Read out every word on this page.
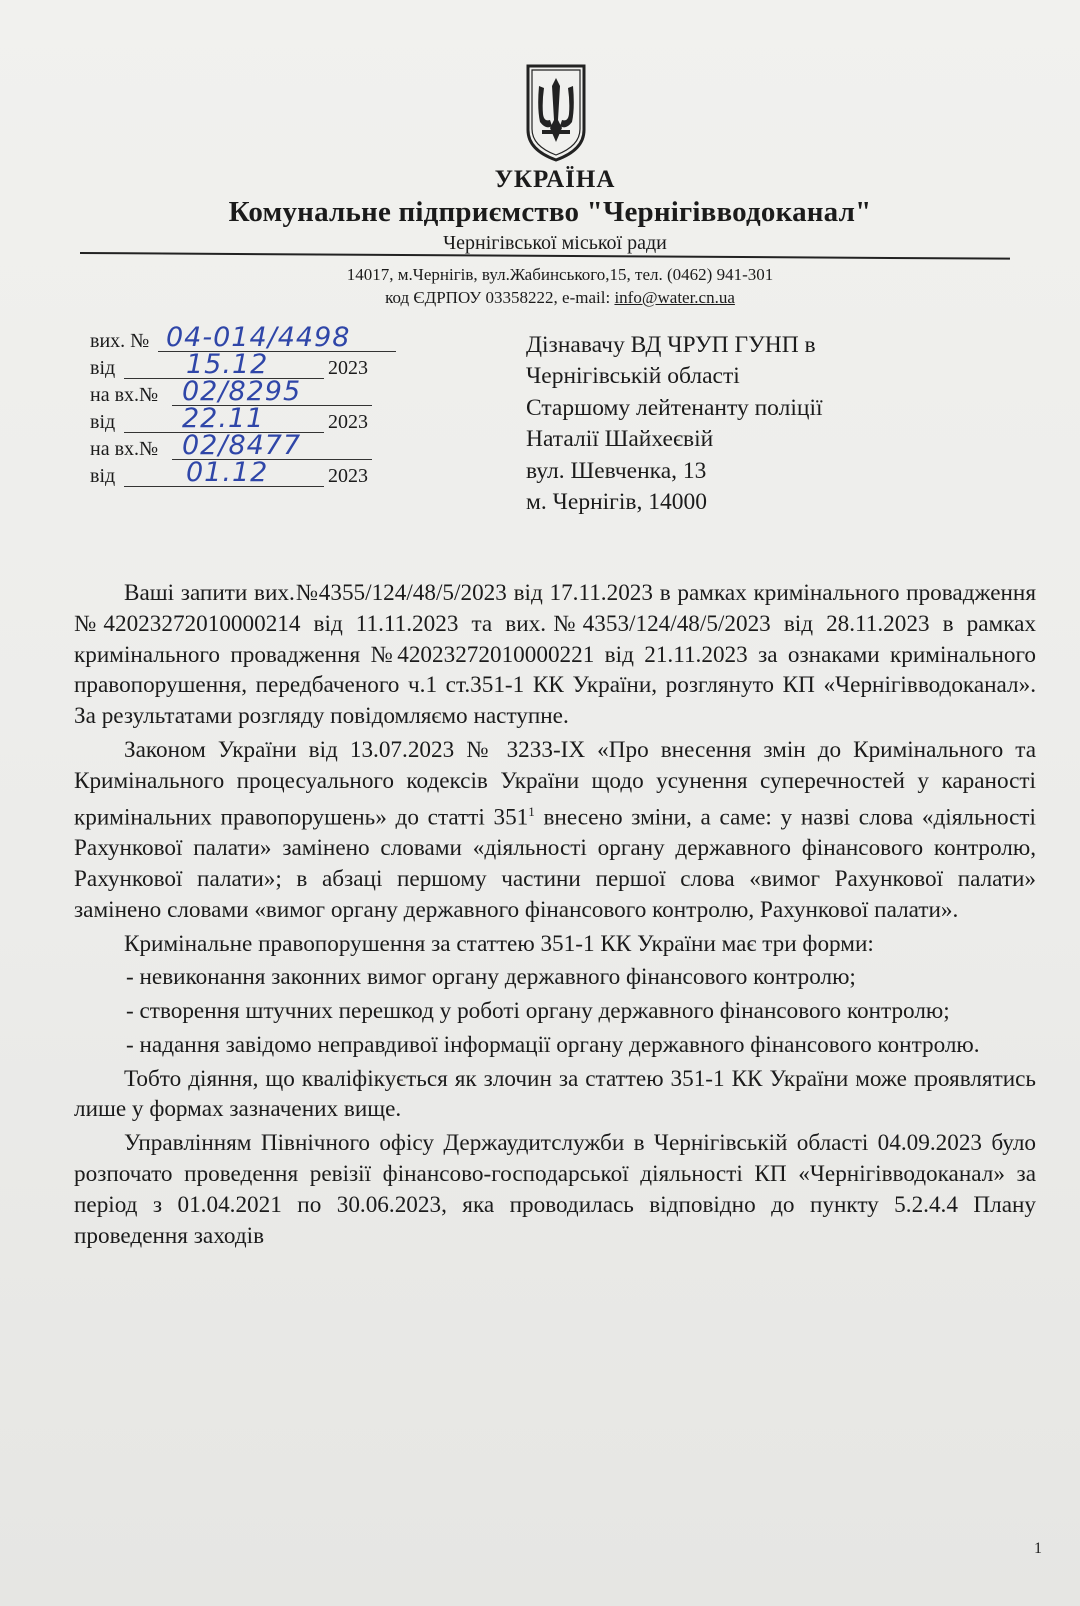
УКРАЇНА
Комунальне підприємство "Чернігівводоканал"
Чернігівської міської ради
14017, м.Чернігів, вул.Жабинського,15, тел. (0462) 941-301
код ЄДРПОУ 03358222, e-mail: info@water.cn.ua
вих. № 04-014/4498
від	15.12	2023
на вх.№ 02/8295
від 22.11	2023
на вх.№ 02/8477
від	01.12	2023
Дізнавачу ВД ЧРУП ГУНП в
Чернігівській області
Старшому лейтенанту поліції
Наталії Шайхеєвій
вул. Шевченка, 13
м. Чернігів, 14000

Ваші запити вих.№4355/124/48/5/2023 від 17.11.2023 в рамках кримінального провадження №42023272010000214 від 11.11.2023 та вих.№4353/124/48/5/2023 від 28.11.2023 в рамках кримінального провадження №42023272010000221 від 21.11.2023 за ознаками кримінального правопорушення, передбаченого ч.1 ст.351-1 КК України, розглянуто КП «Чернігівводоканал». За результатами розгляду повідомляємо наступне.

Законом України від 13.07.2023 № 3233-IX «Про внесення змін до Кримінального та Кримінального процесуального кодексів України щодо усунення суперечностей у караності кримінальних правопорушень» до статті $351^1$ внесено зміни, а саме: у назві слова «діяльності Рахункової палати» замінено словами «діяльності органу державного фінансового контролю, Рахункової палати»; в абзаці першому частини першої слова «вимог Рахункової палати» замінено словами «вимог органу державного фінансового контролю, Рахункової палати».

Кримінальне правопорушення за статтею 351-1 КК України має три форми:

- невиконання законних вимог органу державного фінансового контролю;

- створення штучних перешкод у роботі органу державного фінансового контролю;

- надання завідомо неправдивої інформації органу державного фінансового контролю.

Тобто діяння, що кваліфікується як злочин за статтею 351-1 КК України може проявлятись лише у формах зазначених вище.

Управлінням Північного офісу Держаудитслужби в Чернігівській області 04.09.2023 було розпочато проведення ревізії фінансово-господарської діяльності КП «Чернігівводоканал» за період з 01.04.2021 по 30.06.2023, яка проводилась відповідно до пункту 5.2.4.4 Плану проведення заходів

1
